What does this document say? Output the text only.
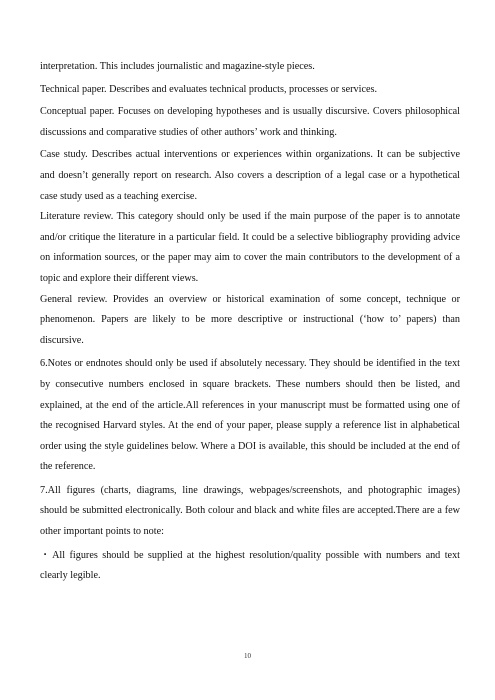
interpretation. This includes journalistic and magazine-style pieces.

Technical paper. Describes and evaluates technical products, processes or services.

Conceptual paper. Focuses on developing hypotheses and is usually discursive. Covers philosophical discussions and comparative studies of other authors’ work and thinking.

Case study. Describes actual interventions or experiences within organizations. It can be subjective and doesn’t generally report on research. Also covers a description of a legal case or a hypothetical case study used as a teaching exercise.

Literature review. This category should only be used if the main purpose of the paper is to annotate and/or critique the literature in a particular field. It could be a selective bibliography providing advice on information sources, or the paper may aim to cover the main contributors to the development of a topic and explore their different views.

General review. Provides an overview or historical examination of some concept, technique or phenomenon. Papers are likely to be more descriptive or instructional (‘how to’ papers) than discursive.

6.Notes or endnotes should only be used if absolutely necessary. They should be identified in the text by consecutive numbers enclosed in square brackets. These numbers should then be listed, and explained, at the end of the article.All references in your manuscript must be formatted using one of the recognised Harvard styles. At the end of your paper, please supply a reference list in alphabetical order using the style guidelines below. Where a DOI is available, this should be included at the end of the reference.

7.All figures (charts, diagrams, line drawings, webpages/screenshots, and photographic images) should be submitted electronically. Both colour and black and white files are accepted.There are a few other important points to note:

・All figures should be supplied at the highest resolution/quality possible with numbers and text clearly legible.

10
